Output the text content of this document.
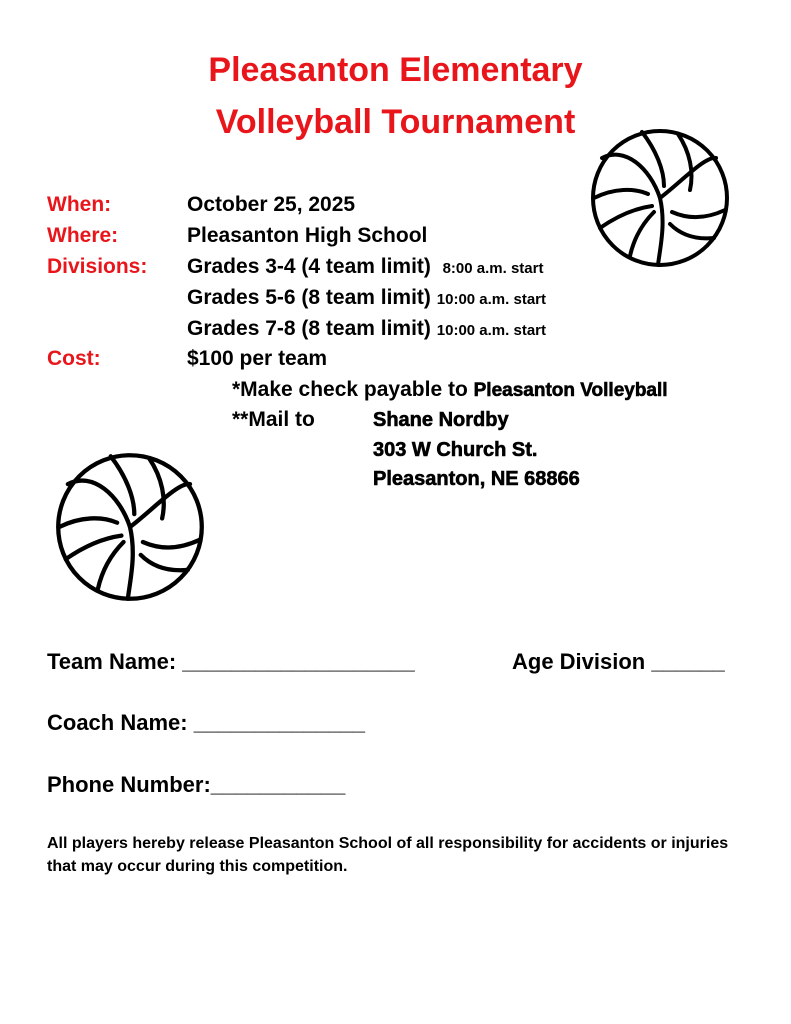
Pleasanton Elementary
Volleyball Tournament
When:	October 25, 2025
Where:	Pleasanton High School
Divisions: Grades 3-4 (4 team limit) 8:00 a.m. start
Grades 5-6 (8 team limit) 10:00 a.m. start
Grades 7-8 (8 team limit) 10:00 a.m. start
Cost:	$100 per team
*Make check payable to Pleasanton Volleyball
**Mail to	Shane Nordby
303 W Church St.
Pleasanton, NE 68866
Team Name: ___________________	Age Division ______
Coach Name: ______________
Phone Number:___________
All players hereby release Pleasanton School of all responsibility for accidents or injuries that may occur during this competition.
